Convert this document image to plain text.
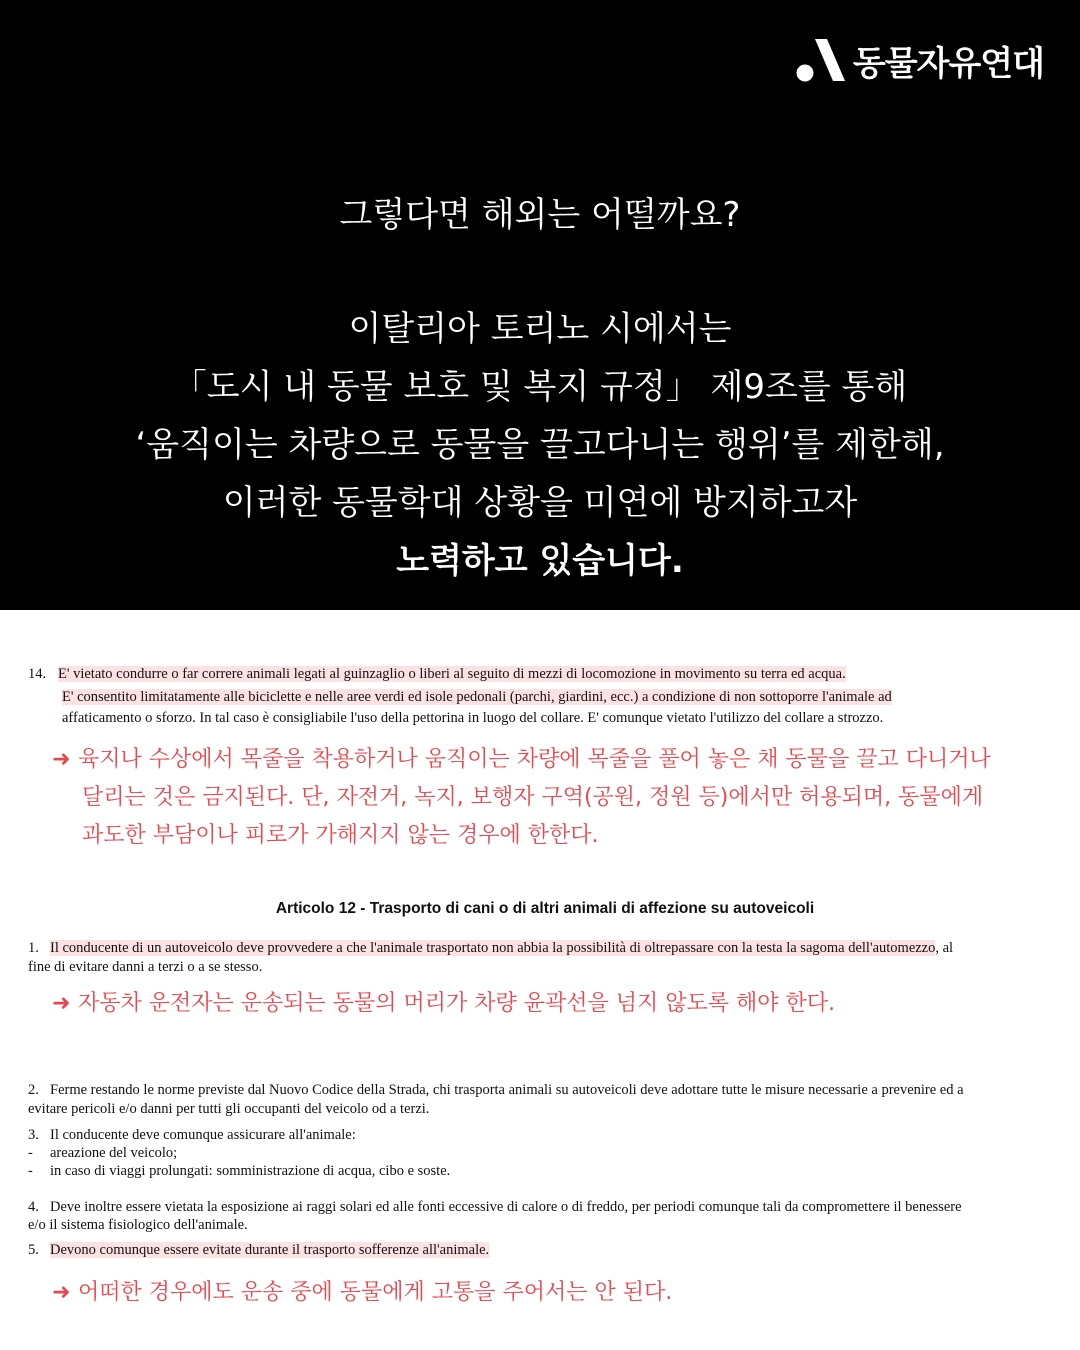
동물자유연대
그렇다면 해외는 어떨까요?
이탈리아 토리노 시에서는
「도시 내 동물 보호 및 복지 규정」 제9조를 통해
‘움직이는 차량으로 동물을 끌고다니는 행위’를 제한해,
이러한 동물학대 상황을 미연에 방지하고자
노력하고 있습니다.
14. E' vietato condurre o far correre animali legati al guinzaglio o liberi al seguito di mezzi di locomozione in movimento su terra ed acqua.
E' consentito limitatamente alle biciclette e nelle aree verdi ed isole pedonali (parchi, giardini, ecc.) a condizione di non sottoporre l'animale ad
affaticamento o sforzo. In tal caso è consigliabile l'uso della pettorina in luogo del collare. E' comunque vietato l'utilizzo del collare a strozzo.
➜ 육지나 수상에서 목줄을 착용하거나 움직이는 차량에 목줄을 풀어 놓은 채 동물을 끌고 다니거나
달리는 것은 금지된다. 단, 자전거, 녹지, 보행자 구역(공원, 정원 등)에서만 허용되며, 동물에게
과도한 부담이나 피로가 가해지지 않는 경우에 한한다.
Articolo 12 - Trasporto di cani o di altri animali di affezione su autoveicoli
1. Il conducente di un autoveicolo deve provvedere a che l'animale trasportato non abbia la possibilità di oltrepassare con la testa la sagoma dell'automezzo, al
fine di evitare danni a terzi o a se stesso.
➜ 자동차 운전자는 운송되는 동물의 머리가 차량 윤곽선을 넘지 않도록 해야 한다.
2. Ferme restando le norme previste dal Nuovo Codice della Strada, chi trasporta animali su autoveicoli deve adottare tutte le misure necessarie a prevenire ed a
evitare pericoli e/o danni per tutti gli occupanti del veicolo od a terzi.
3. Il conducente deve comunque assicurare all'animale:
- areazione del veicolo;
- in caso di viaggi prolungati: somministrazione di acqua, cibo e soste.
4. Deve inoltre essere vietata la esposizione ai raggi solari ed alle fonti eccessive di calore o di freddo, per periodi comunque tali da compromettere il benessere
e/o il sistema fisiologico dell'animale.
5. Devono comunque essere evitate durante il trasporto sofferenze all'animale.
➜ 어떠한 경우에도 운송 중에 동물에게 고통을 주어서는 안 된다.
